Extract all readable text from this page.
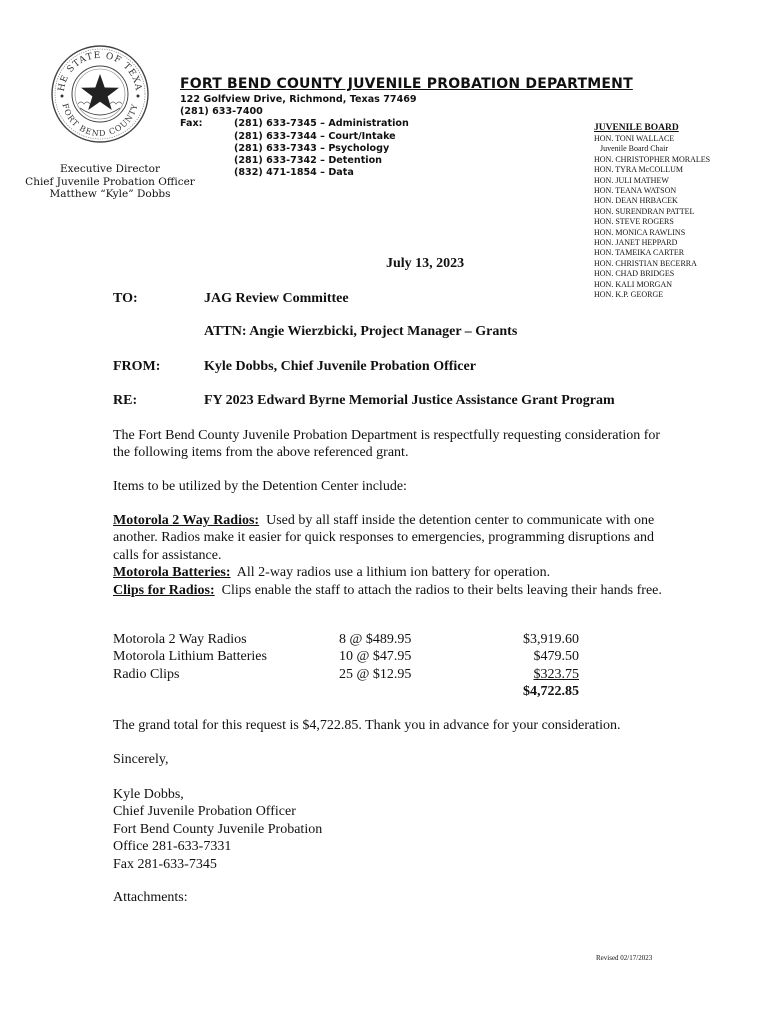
HE STATE OF TEXA
FORT BEND COUNTY
FORT BEND COUNTY JUVENILE PROBATION DEPARTMENT
122 Golfview Drive, Richmond, Texas 77469
(281) 633-7400
Fax:	(281) 633-7345 – Administration
(281) 633-7344 – Court/Intake
(281) 633-7343 – Psychology
(281) 633-7342 – Detention
(832) 471-1854 – Data
Executive Director
Chief Juvenile Probation Officer
Matthew “Kyle” Dobbs
JUVENILE BOARD
HON. TONI WALLACE
Juvenile Board Chair
HON. CHRISTOPHER MORALES
HON. TYRA McCOLLUM
HON. JULI MATHEW
HON. TEANA WATSON
HON. DEAN HRBACEK
HON. SURENDRAN PATTEL
HON. STEVE ROGERS
HON. MONICA RAWLINS
HON. JANET HEPPARD
HON. TAMEIKA CARTER
HON. CHRISTIAN BECERRA
HON. CHAD BRIDGES
HON. KALI MORGAN
HON. K.P. GEORGE
July 13, 2023
TO:	JAG Review Committee
ATTN: Angie Wierzbicki, Project Manager – Grants
FROM:	Kyle Dobbs, Chief Juvenile Probation Officer
RE:	FY 2023 Edward Byrne Memorial Justice Assistance Grant Program
The Fort Bend County Juvenile Probation Department is respectfully requesting consideration for the following items from the above referenced grant.
Items to be utilized by the Detention Center include:
Motorola 2 Way Radios: Used by all staff inside the detention center to communicate with one another. Radios make it easier for quick responses to emergencies, programming disruptions and calls for assistance.
Motorola Batteries: All 2-way radios use a lithium ion battery for operation.
Clips for Radios: Clips enable the staff to attach the radios to their belts leaving their hands free.
Motorola 2 Way Radios	8 @ $489.95	$3,919.60
Motorola Lithium Batteries	10 @ $47.95	$479.50
Radio Clips	25 @ $12.95	$323.75
$4,722.85
The grand total for this request is $4,722.85. Thank you in advance for your consideration.
Sincerely,
Kyle Dobbs,
Chief Juvenile Probation Officer
Fort Bend County Juvenile Probation
Office 281-633-7331
Fax 281-633-7345
Attachments:
Revised 02/17/2023
